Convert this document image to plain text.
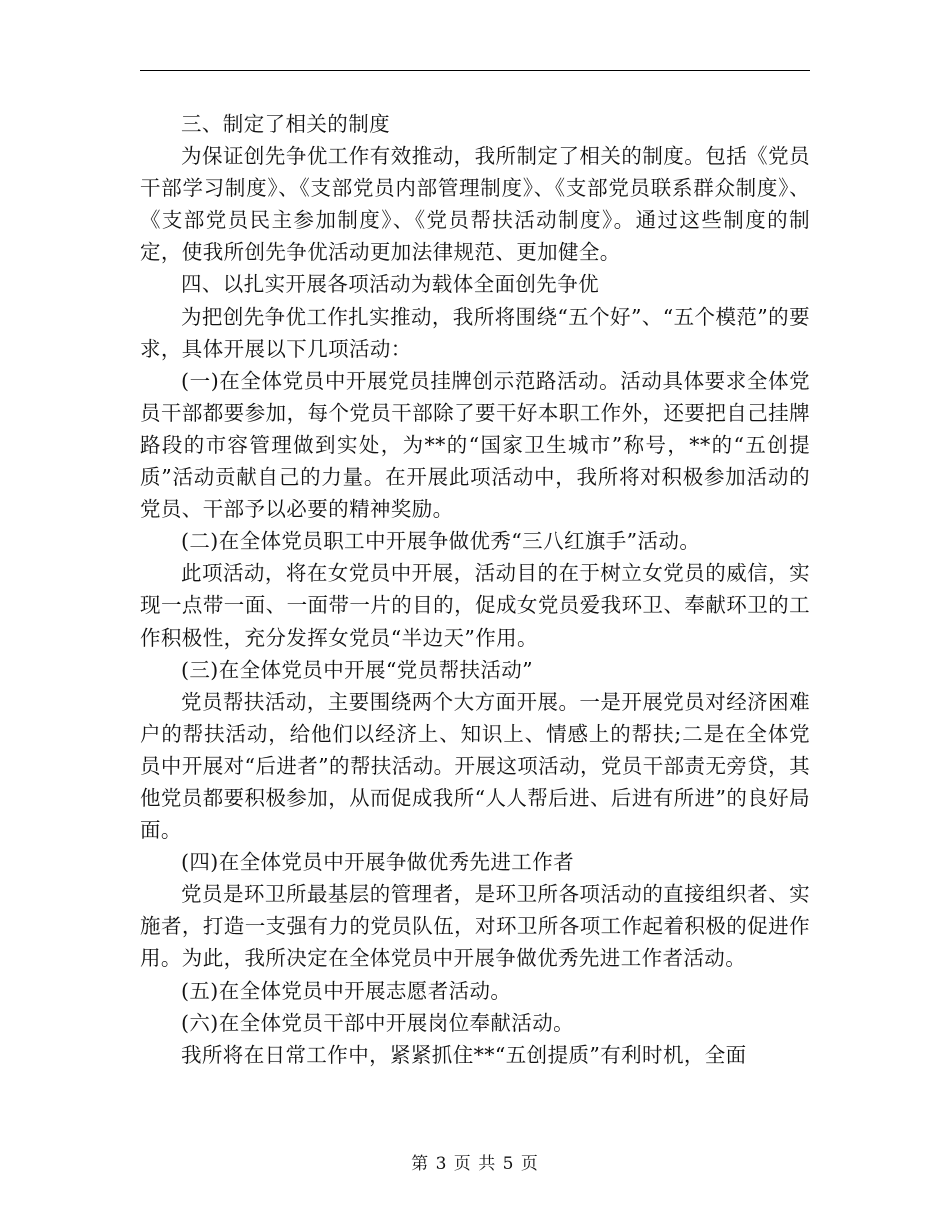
三、制定了相关的制度

为保证创先争优工作有效推动，我所制定了相关的制度。包括《党员干部学习制度》、《支部党员内部管理制度》、《支部党员联系群众制度》、《支部党员民主参加制度》、《党员帮扶活动制度》。通过这些制度的制定，使我所创先争优活动更加法律规范、更加健全。

四、以扎实开展各项活动为载体全面创先争优

为把创先争优工作扎实推动，我所将围绕“五个好”、“五个模范”的要求，具体开展以下几项活动：

(一)在全体党员中开展党员挂牌创示范路活动。活动具体要求全体党员干部都要参加，每个党员干部除了要干好本职工作外，还要把自己挂牌路段的市容管理做到实处，为**的“国家卫生城市”称号，**的“五创提质”活动贡献自己的力量。在开展此项活动中，我所将对积极参加活动的党员、干部予以必要的精神奖励。

(二)在全体党员职工中开展争做优秀“三八红旗手”活动。

此项活动，将在女党员中开展，活动目的在于树立女党员的威信，实现一点带一面、一面带一片的目的，促成女党员爱我环卫、奉献环卫的工作积极性，充分发挥女党员“半边天”作用。

(三)在全体党员中开展“党员帮扶活动”

党员帮扶活动，主要围绕两个大方面开展。一是开展党员对经济困难户的帮扶活动，给他们以经济上、知识上、情感上的帮扶;二是在全体党员中开展对“后进者”的帮扶活动。开展这项活动，党员干部责无旁贷，其他党员都要积极参加，从而促成我所“人人帮后进、后进有所进”的良好局面。

(四)在全体党员中开展争做优秀先进工作者

党员是环卫所最基层的管理者，是环卫所各项活动的直接组织者、实施者，打造一支强有力的党员队伍，对环卫所各项工作起着积极的促进作用。为此，我所决定在全体党员中开展争做优秀先进工作者活动。

(五)在全体党员中开展志愿者活动。

(六)在全体党员干部中开展岗位奉献活动。

我所将在日常工作中，紧紧抓住**“五创提质”有利时机，全面

第 3 页 共 5 页
